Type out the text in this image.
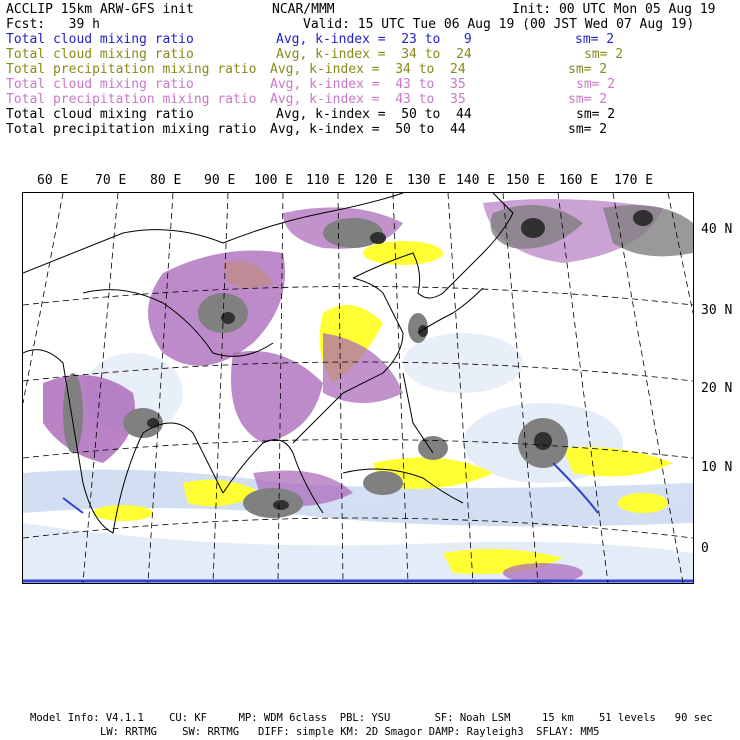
ACCLIP 15km ARW-GFS init	NCAR/MMM	Init: 00 UTC Mon 05 Aug 19
Fcst:   39 h	Valid: 15 UTC Tue 06 Aug 19 (00 JST Wed 07 Aug 19)
Total cloud mixing ratio	Avg, k-index =  23 to   9	sm= 2
Total cloud mixing ratio	Avg, k-index =  34 to  24	sm= 2
Total precipitation mixing ratio Avg, k-index =  34 to  24	sm= 2
Total cloud mixing ratio	Avg, k-index =  43 to  35	sm= 2
Total precipitation mixing ratio Avg, k-index =  43 to  35	sm= 2
Total cloud mixing ratio	Avg, k-index =  50 to  44	sm= 2
Total precipitation mixing ratio Avg, k-index =  50 to  44	sm= 2
60 E 70 E 80 E 90 E 100 E 110 E 120 E 130 E 140 E 150 E 160 E 170 E
40 N
30 N
20 N
10 N
0
Model Info: V4.1.1    CU: KF     MP: WDM 6class  PBL: YSU       SF: Noah LSM     15 km    51 levels   90 sec
LW: RRTMG    SW: RRTMG   DIFF: simple KM: 2D Smagor DAMP: Rayleigh3  SFLAY: MM5
